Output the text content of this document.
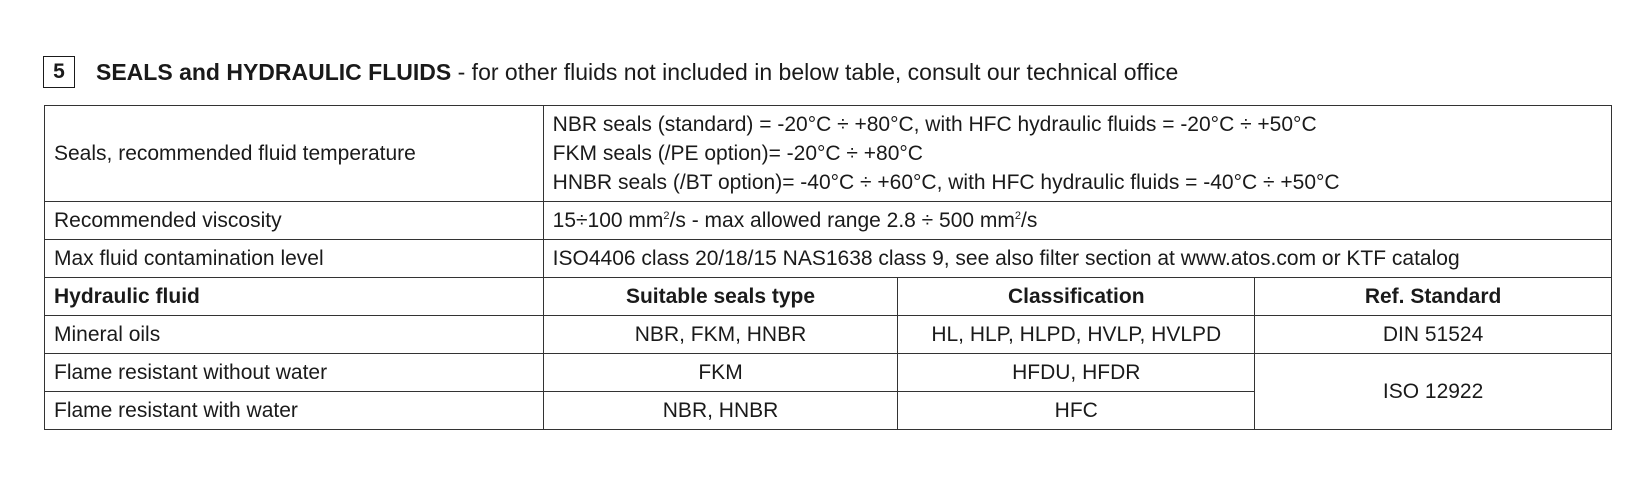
5	SEALS and HYDRAULIC FLUIDS - for other fluids not included in below table, consult our technical office
Seals, recommended fluid temperature	NBR seals (standard) = -20°C ÷ +80°C, with HFC hydraulic fluids = -20°C ÷ +50°C
FKM seals (/PE option)= -20°C ÷ +80°C
HNBR seals (/BT option)= -40°C ÷ +60°C, with HFC hydraulic fluids = -40°C ÷ +50°C		

Recommended viscosity	15÷100 $mm^2/s$ - max allowed range 2.8 ÷ 500 $mm^2/s$		
Max fluid contamination level	ISO4406 class 20/18/15 NAS1638 class 9, see also filter section at www.atos.com or KTF catalog		
Hydraulic fluid	Suitable seals type	Classification	Ref. Standard
Mineral oils	NBR, FKM, HNBR	HL, HLP, HLPD, HVLP, HVLPD	DIN 51524
Flame resistant without water	FKM	HFDU, HFDR	ISO 12922
Flame resistant with water	NBR, HNBR	HFC	
